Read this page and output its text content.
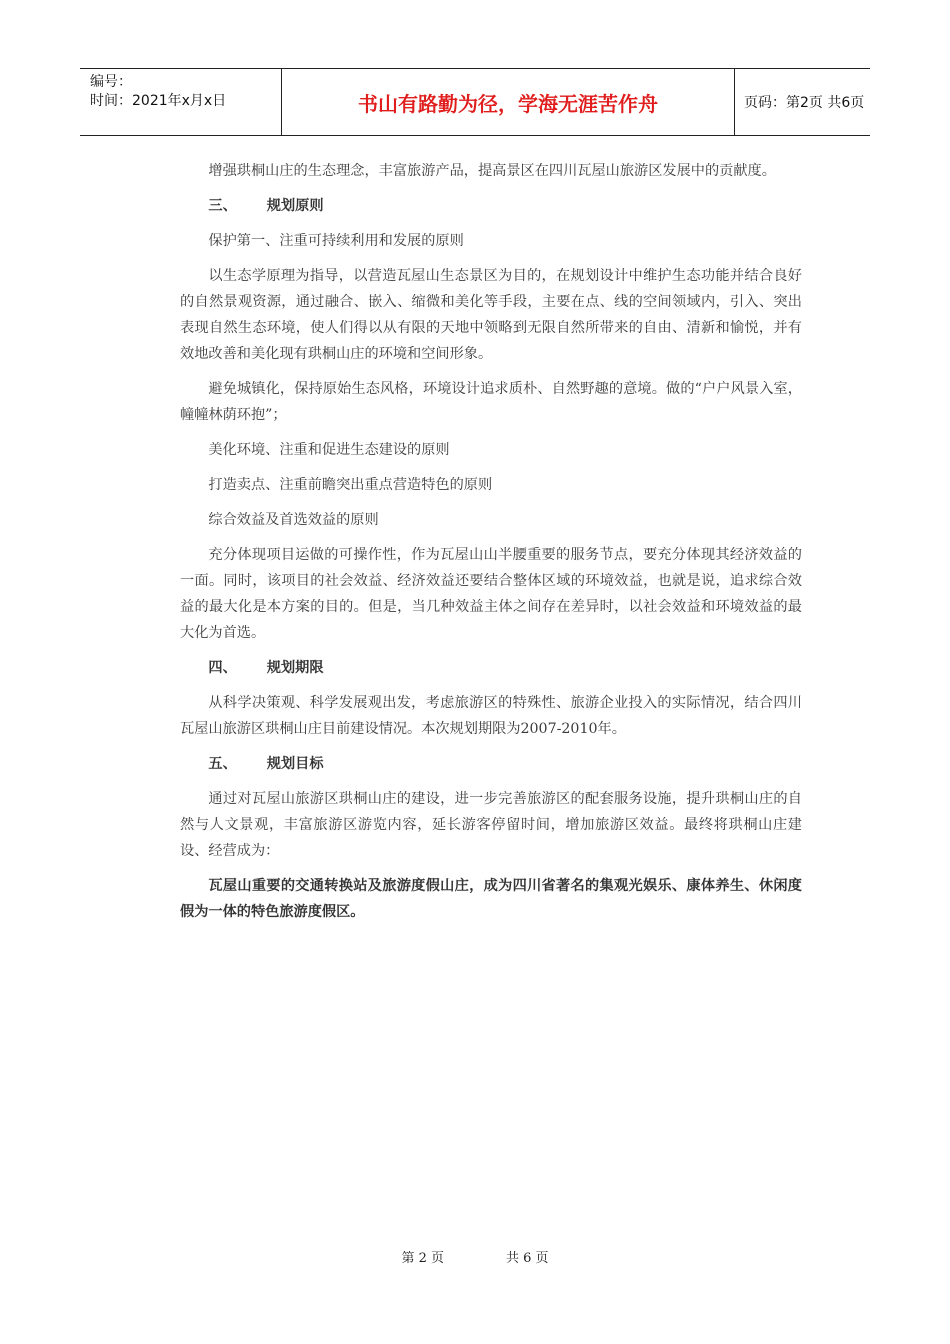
编号：
时间：2021年x月x日	书山有路勤为径，学海无涯苦作舟	页码：第2页 共6页

增强珙桐山庄的生态理念，丰富旅游产品，提高景区在四川瓦屋山旅游区发展中的贡献度。

三、 规划原则

保护第一、注重可持续利用和发展的原则

以生态学原理为指导，以营造瓦屋山生态景区为目的，在规划设计中维护生态功能并结合良好的自然景观资源，通过融合、嵌入、缩微和美化等手段，主要在点、线的空间领域内，引入、突出表现自然生态环境，使人们得以从有限的天地中领略到无限自然所带来的自由、清新和愉悦，并有效地改善和美化现有珙桐山庄的环境和空间形象。

避免城镇化，保持原始生态风格，环境设计追求质朴、自然野趣的意境。做的“户户风景入室，幢幢林荫环抱”；

美化环境、注重和促进生态建设的原则

打造卖点、注重前瞻突出重点营造特色的原则

综合效益及首选效益的原则

充分体现项目运做的可操作性，作为瓦屋山山半腰重要的服务节点，要充分体现其经济效益的一面。同时，该项目的社会效益、经济效益还要结合整体区域的环境效益，也就是说，追求综合效益的最大化是本方案的目的。但是，当几种效益主体之间存在差异时，以社会效益和环境效益的最大化为首选。

四、 规划期限

从科学决策观、科学发展观出发，考虑旅游区的特殊性、旅游企业投入的实际情况，结合四川瓦屋山旅游区珙桐山庄目前建设情况。本次规划期限为2007-2010年。

五、 规划目标

通过对瓦屋山旅游区珙桐山庄的建设，进一步完善旅游区的配套服务设施，提升珙桐山庄的自然与人文景观，丰富旅游区游览内容，延长游客停留时间，增加旅游区效益。最终将珙桐山庄建设、经营成为：

瓦屋山重要的交通转换站及旅游度假山庄，成为四川省著名的集观光娱乐、康体养生、休闲度假为一体的特色旅游度假区。

第 2 页	共 6 页
